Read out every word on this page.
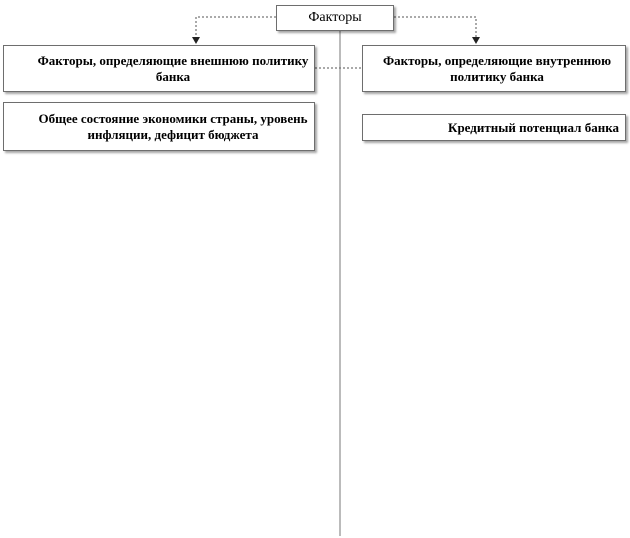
Факторы
Факторы, определяющие внешнюю политику банка
Факторы, определяющие внутреннюю политику банка
Общее состояние экономики страны, уровень инфляции, дефицит бюджета	Кредитный потенциал банка
